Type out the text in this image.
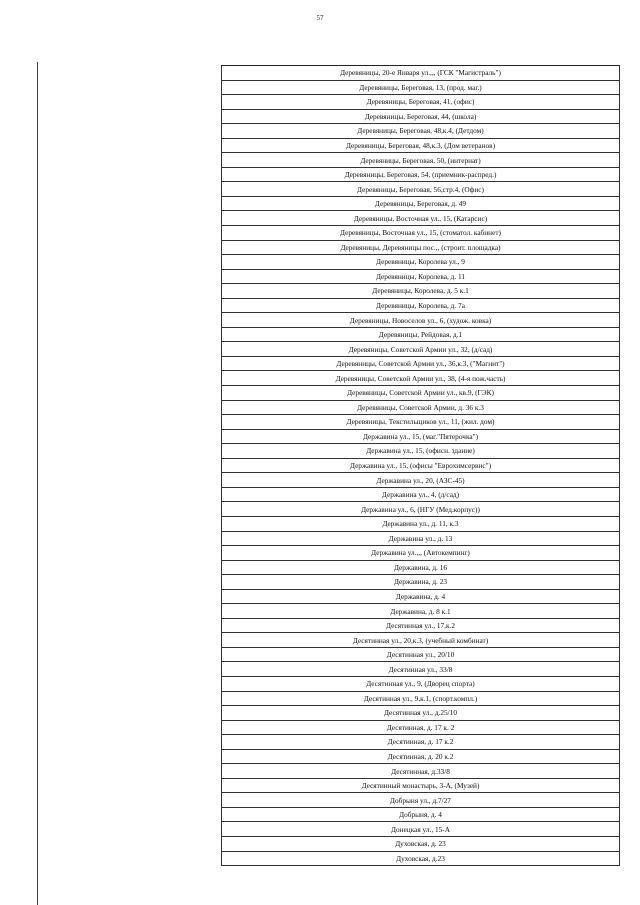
57
Деревяницы, 20-е Января ул.,,, (ГСК "Магистраль")
Деревяницы, Береговая, 13, (прод. маг.)
Деревяницы, Береговая, 41, (офис)
Деревяницы, Береговая, 44, (школа)
Деревяницы, Береговая, 48,к.4, (Детдом)
Деревяницы, Береговая, 48,к.3, (Дом ветеранов)
Деревяницы, Береговая, 50, (интернат)
Деревяницы, Береговая, 54, (приемник-распред.)
Деревяницы, Береговая, 56,стр.4, (Офис)
Деревяницы, Береговая, д. 49
Деревяницы, Восточная ул., 15, (Катарсис)
Деревяницы, Восточная ул., 15, (стоматол. кабинет)
Деревяницы, Деревяницы пос.,, (строит. площадка)
Деревяницы, Королева ул., 9
Деревяницы, Королева, д. 11
Деревяницы, Королева, д. 5 к.1
Деревяницы, Королева, д. 7а
Деревяницы, Новоселов ул., 6, (худож. ковка)
Деревяницы, Рейдовая, д.1
Деревяницы, Советской Армии ул., 32, (д/сад)
Деревяницы, Советской Армии ул., 36,к.3, ("Магнит")
Деревяницы, Советской Армии ул., 38, (4-я пож.часть)
Деревяницы, Советской Армии ул., кв.9, (ГЭК)
Деревяницы, Советской Армии, д. 36 к.3
Деревяницы, Текстильщиков ул., 11, (жил. дом)
Державина ул., 15, (маг."Пятерочка")
Державина ул., 15, (офисн. здание)
Державина ул., 15, (офисы "Еврохимсервис")
Державина ул., 20, (АЗС-45)
Державина ул., 4, (д/сад)
Державина ул., 6, (НГУ (Мед.корпус))
Державина ул., д. 11, к.3
Державина ул., д. 13
Державина ул.,,, (Автокемпинг)
Державина, д. 16
Державина, д. 23
Державина, д. 4
Державина, д. 8 к.1
Десятинная ул., 17,к.2
Десятинная ул., 20,к.3, (учебный комбинат)
Десятинная ул., 20/10
Десятинная ул., 33/8
Десятинная ул., 9, (Дворец спорта)
Десятинная ул., 9,к.1, (спорт.компл.)
Десятинная ул., д.25/10
Десятинная, д. 17 к. 2
Десятинная, д. 17 к.2
Десятинная, д. 20 к.2
Десятинная, д.33/8
Десятинный монастырь, 3-А, (Музей)
Добрыня ул., д.7/27
Добрыня, д. 4
Донецкая ул., 15-А
Духовская, д. 23
Духовская, д.23
